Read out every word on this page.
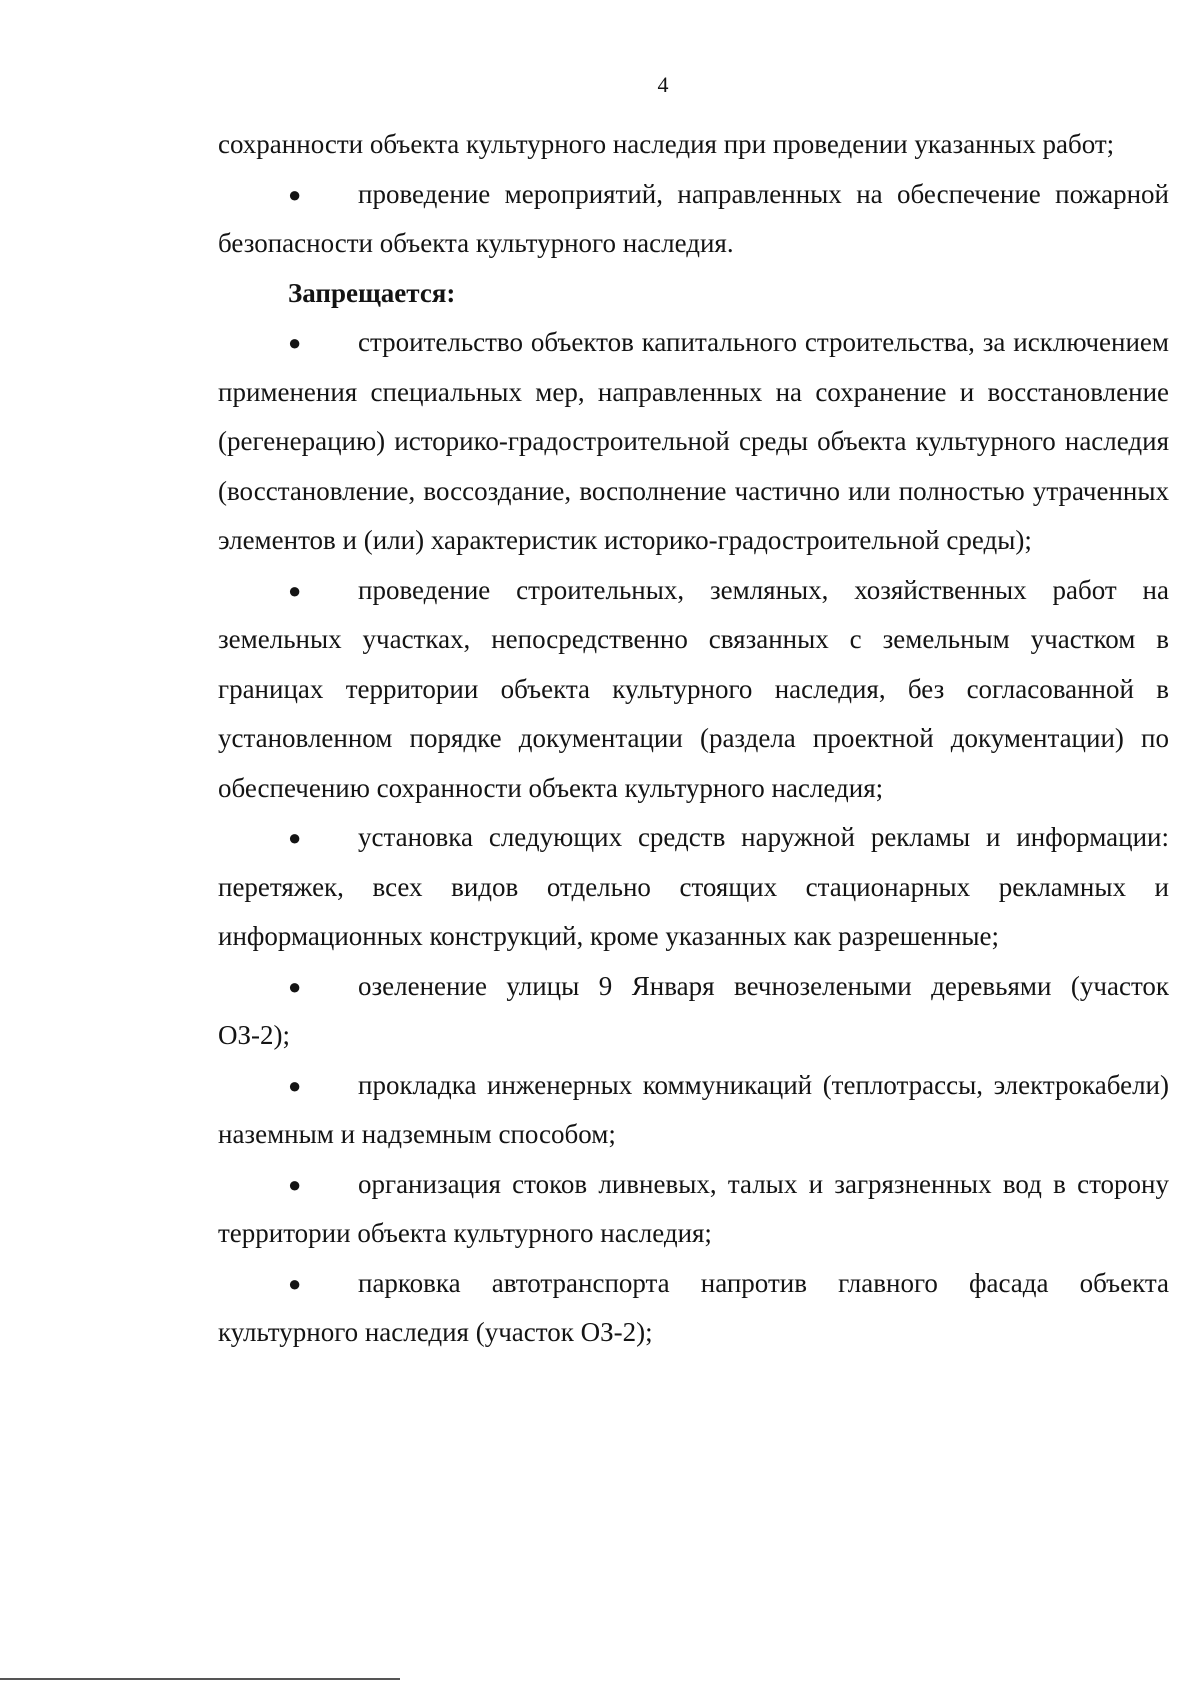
4

сохранности объекта культурного наследия при проведении указанных работ;

● проведение мероприятий, направленных на обеспечение пожарной безопасности объекта культурного наследия.

Запрещается:

● строительство объектов капитального строительства, за исключением применения специальных мер, направленных на сохранение и восстановление (регенерацию) историко-градостроительной среды объекта культурного наследия (восстановление, воссоздание, восполнение частично или полностью утраченных элементов и (или) характеристик историко-градостроительной среды);

● проведение строительных, земляных, хозяйственных работ на земельных участках, непосредственно связанных с земельным участком в границах территории объекта культурного наследия, без согласованной в установленном порядке документации (раздела проектной документации) по обеспечению сохранности объекта культурного наследия;

● установка следующих средств наружной рекламы и информации: перетяжек, всех видов отдельно стоящих стационарных рекламных и информационных конструкций, кроме указанных как разрешенные;

● озеленение улицы 9 Января вечнозелеными деревьями (участок ОЗ-2);

● прокладка инженерных коммуникаций (теплотрассы, электрокабели) наземным и надземным способом;

● организация стоков ливневых, талых и загрязненных вод в сторону территории объекта культурного наследия;

● парковка автотранспорта напротив главного фасада объекта культурного наследия (участок ОЗ-2);
